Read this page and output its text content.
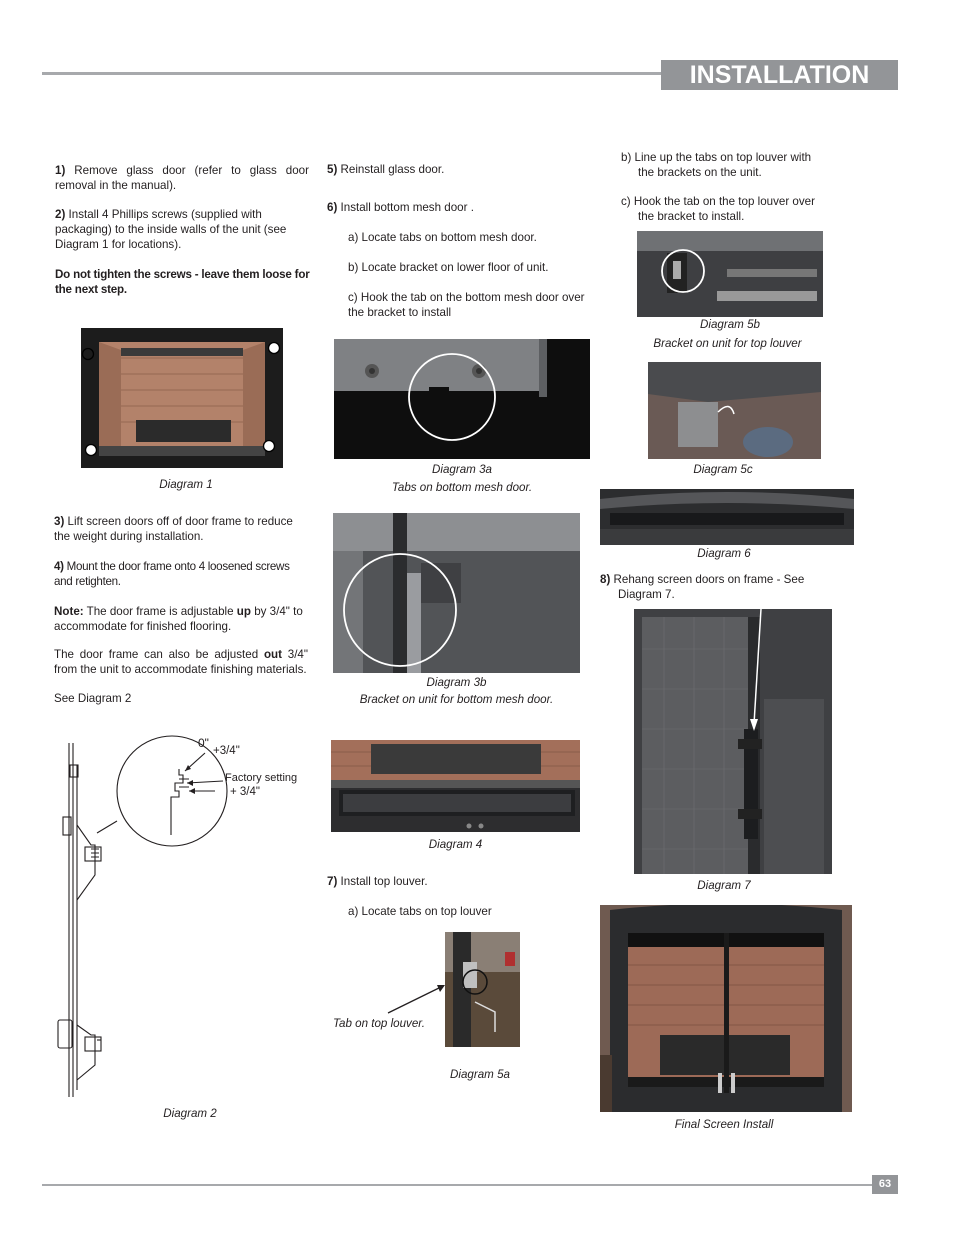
INSTALLATION
1) Remove glass door (refer to glass door removal in the manual).
2) Install 4 Phillips screws (supplied with packaging) to the inside walls of the unit (see Diagram 1 for locations).
Do not tighten the screws - leave them loose for the next step.
Diagram 1
3) Lift screen doors off of door frame to reduce the weight during installation.
4) Mount the door frame onto 4 loosened screws and retighten.
Note: The door frame is adjustable up by 3/4" to accommodate for finished flooring.
The door frame can also be adjusted out 3/4" from the unit to accommodate finishing materials.
See Diagram 2
0"
+3/4"
Factory setting
+ 3/4"
Diagram 2
5) Reinstall glass door.
6) Install bottom mesh door .
a) Locate tabs on bottom mesh door.
b) Locate bracket on lower floor of unit.
c) Hook the tab on the bottom mesh door over the bracket to install
Diagram 3a
Tabs on bottom mesh door.
Diagram 3b
Bracket on unit for bottom mesh door.
Diagram 4
7) Install top louver.
a) Locate tabs on top louver
Tab on top louver.
Diagram 5a
b) Line up the tabs on top louver with the brackets on the unit.
c) Hook the tab on the top louver over the bracket to install.
Diagram 5b
Bracket on unit for top louver
Diagram 5c
Diagram 6
8) Rehang screen doors on frame - See Diagram 7.
Diagram 7
Final Screen Install
63
